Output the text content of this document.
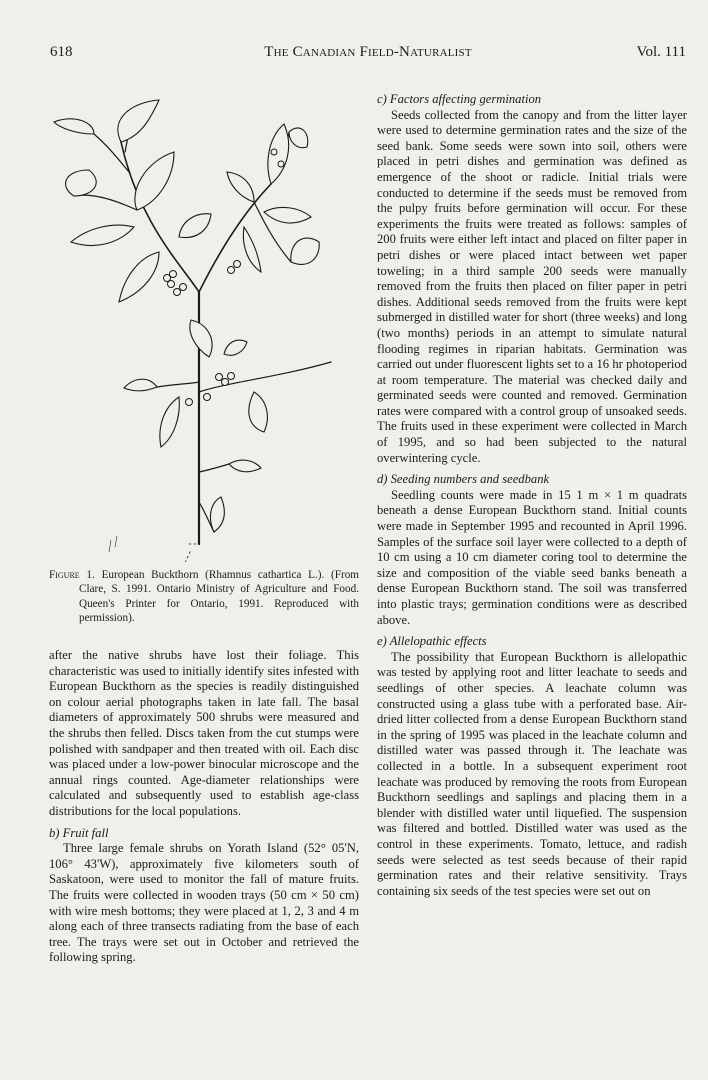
618	The Canadian Field-Naturalist	Vol. 111
Figure 1. European Buckthorn (Rhamnus cathartica L.). (From Clare, S. 1991. Ontario Ministry of Agriculture and Food. Queen's Printer for Ontario, 1991. Reproduced with permission).

after the native shrubs have lost their foliage. This characteristic was used to initially identify sites infested with European Buckthorn as the species is readily distinguished on colour aerial photographs taken in late fall. The basal diameters of approximately 500 shrubs were measured and the shrubs then felled. Discs taken from the cut stumps were polished with sandpaper and then treated with oil. Each disc was placed under a low-power binocular microscope and the annual rings counted. Age-diameter relationships were calculated and subsequently used to establish age-class distributions for the local populations.

b) Fruit fall

Three large female shrubs on Yorath Island (52° 05'N, 106° 43'W), approximately five kilometers south of Saskatoon, were used to monitor the fall of mature fruits. The fruits were collected in wooden trays (50 cm × 50 cm) with wire mesh bottoms; they were placed at 1, 2, 3 and 4 m along each of three transects radiating from the base of each tree. The trays were set out in October and retrieved the following spring.

c) Factors affecting germination

Seeds collected from the canopy and from the litter layer were used to determine germination rates and the size of the seed bank. Some seeds were sown into soil, others were placed in petri dishes and germination was defined as emergence of the shoot or radicle. Initial trials were conducted to determine if the seeds must be removed from the pulpy fruits before germination will occur. For these experiments the fruits were treated as follows: samples of 200 fruits were either left intact and placed on filter paper in petri dishes or were placed intact between wet paper toweling; in a third sample 200 seeds were manually removed from the fruits then placed on filter paper in petri dishes. Additional seeds removed from the fruits were kept submerged in distilled water for short (three weeks) and long (two months) periods in an attempt to simulate natural flooding regimes in riparian habitats. Germination was carried out under fluorescent lights set to a 16 hr photoperiod at room temperature. The material was checked daily and germinated seeds were counted and removed. Germination rates were compared with a control group of unsoaked seeds. The fruits used in these experiment were collected in March of 1995, and so had been subjected to the natural overwintering cycle.

d) Seeding numbers and seedbank

Seedling counts were made in 15 1 m × 1 m quadrats beneath a dense European Buckthorn stand. Initial counts were made in September 1995 and recounted in April 1996. Samples of the surface soil layer were collected to a depth of 10 cm using a 10 cm diameter coring tool to determine the size and composition of the viable seed banks beneath a dense European Buckthorn stand. The soil was transferred into plastic trays; germination conditions were as described above.

e) Allelopathic effects

The possibility that European Buckthorn is allelopathic was tested by applying root and litter leachate to seeds and seedlings of other species. A leachate column was constructed using a glass tube with a perforated base. Air-dried litter collected from a dense European Buckthorn stand in the spring of 1995 was placed in the leachate column and distilled water was passed through it. The leachate was collected in a bottle. In a subsequent experiment root leachate was produced by removing the roots from European Buckthorn seedlings and saplings and placing them in a blender with distilled water until liquefied. The suspension was filtered and bottled. Distilled water was used as the control in these experiments. Tomato, lettuce, and radish seeds were selected as test seeds because of their rapid germination rates and their relative sensitivity. Trays containing six seeds of the test species were set out on
